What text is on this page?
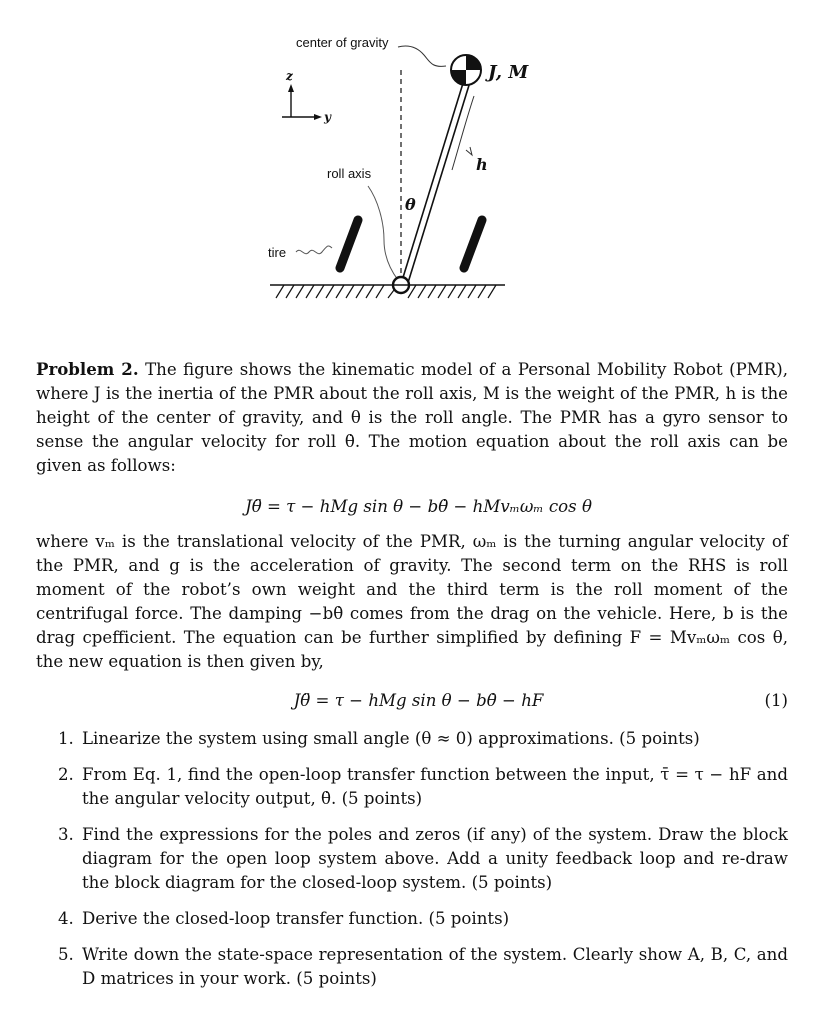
center of gravity
z
y
roll axis
θ
h
J, M
tire
Problem 2. The figure shows the kinematic model of a Personal Mobility Robot (PMR), where J is the inertia of the PMR about the roll axis, M is the weight of the PMR, h is the height of the center of gravity, and θ is the roll angle. The PMR has a gyro sensor to sense the angular velocity for roll θ̇. The motion equation about the roll axis can be given as follows:
Jθ̈ = τ − hMg sin θ − bθ̇ − hMvₘωₘ cos θ
where vₘ is the translational velocity of the PMR, ωₘ is the turning angular velocity of the PMR, and g is the acceleration of gravity. The second term on the RHS is roll moment of the robot’s own weight and the third term is the roll moment of the centrifugal force. The damping −bθ̇ comes from the drag on the vehicle. Here, b is the drag cpefficient. The equation can be further simplified by defining F = Mvₘωₘ cos θ, the new equation is then given by,
Jθ̈ = τ − hMg sin θ − bθ̇ − hF	(1)
1. Linearize the system using small angle (θ ≈ 0) approximations. (5 points)
2. From Eq. 1, find the open-loop transfer function between the input, τ̄ = τ − hF and the angular velocity output, θ̇. (5 points)
3. Find the expressions for the poles and zeros (if any) of the system. Draw the block diagram for the open loop system above. Add a unity feedback loop and re-draw the block diagram for the closed-loop system. (5 points)
4. Derive the closed-loop transfer function. (5 points)
5. Write down the state-space representation of the system. Clearly show A, B, C, and D matrices in your work. (5 points)
